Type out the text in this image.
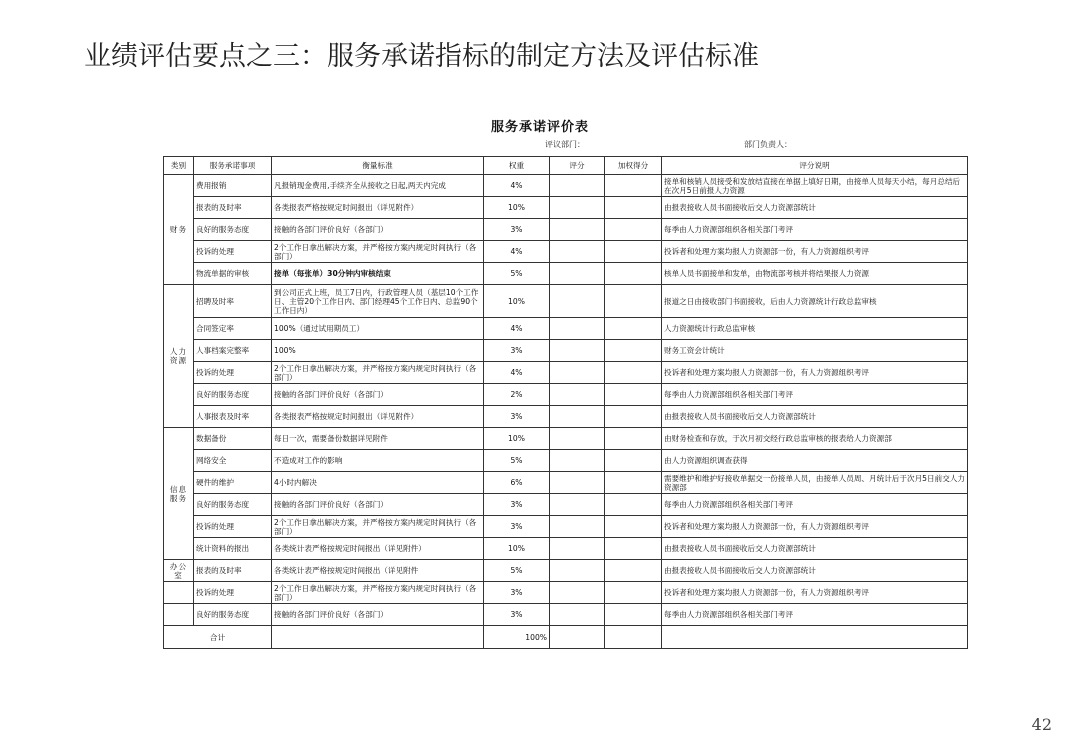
业绩评估要点之三：服务承诺指标的制定方法及评估标准
服务承诺评价表
评议部门：	部门负责人：
类别	服务承诺事项	衡量标准	权重	评分	加权得分	评分说明
财务	费用报销	凡报销现金费用,手续齐全从接收之日起,两天内完成	4%			接单和核销人员接受和发放结直接在单据上填好日期，由接单人员每天小结，每月总结后在次月5日前报人力资源
	报表的及时率	各类报表严格按规定时间报出（详见附件）	10%			由报表接收人员书面接收后交人力资源部统计
	良好的服务态度	接触的各部门评价良好（各部门）	3%			每季由人力资源部组织各相关部门考评
	投诉的处理	2个工作日拿出解决方案，并严格按方案内规定时间执行（各部门）	4%			投诉者和处理方案均报人力资源部一份，有人力资源组织考评
	物流单据的审核	接单（每张单）30分钟内审核结束	5%			核单人员书面接单和发单，由物流部考核并将结果报人力资源
人力资源	招聘及时率	到公司正式上班，员工7日内，行政管理人员（基层10个工作日、主管20个工作日内、部门经理45个工作日内、总监90个工作日内）	10%			报道之日由接收部门书面接收，后由人力资源统计行政总监审核
	合同签定率	100%（通过试用期员工）	4%			人力资源统计行政总监审核
	人事档案完整率	100%	3%			财务工资会计统计
	投诉的处理	2个工作日拿出解决方案，并严格按方案内规定时间执行（各部门）	4%			投诉者和处理方案均报人力资源部一份，有人力资源组织考评
	良好的服务态度	接触的各部门评价良好（各部门）	2%			每季由人力资源部组织各相关部门考评
	人事报表及时率	各类报表严格按规定时间报出（详见附件）	3%			由报表接收人员书面接收后交人力资源部统计
信息服务	数据备份	每日一次，需要备份数据详见附件	10%			由财务检查和存放，于次月初交经行政总监审核的报表给人力资源部
	网络安全	不造成对工作的影响	5%			由人力资源组织调查获得
	硬件的维护	4小时内解决	6%			需要维护和维护好接收单据交一份接单人员，由接单人员周、月统计后于次月5日前交人力资源部
	良好的服务态度	接触的各部门评价良好（各部门）	3%			每季由人力资源部组织各相关部门考评
	投诉的处理	2个工作日拿出解决方案，并严格按方案内规定时间执行（各部门）	3%			投诉者和处理方案均报人力资源部一份，有人力资源组织考评
	统计资料的报出	各类统计表严格按规定时间报出（详见附件）	10%			由报表接收人员书面接收后交人力资源部统计
办公室	报表的及时率	各类统计表严格按规定时间报出（详见附件	5%			由报表接收人员书面接收后交人力资源部统计
	投诉的处理	2个工作日拿出解决方案，并严格按方案内规定时间执行（各部门）	3%			投诉者和处理方案均报人力资源部一份，有人力资源组织考评
	良好的服务态度	接触的各部门评价良好（各部门）	3%			每季由人力资源部组织各相关部门考评
合计			100%			
42
